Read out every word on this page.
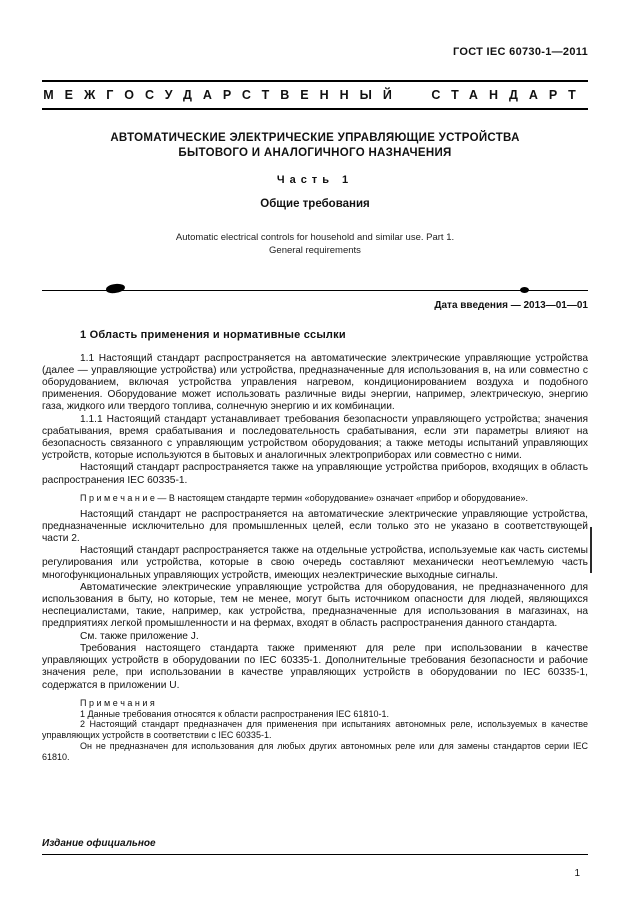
ГОСТ IEC 60730-1—2011
МЕЖГОСУДАРСТВЕННЫЙ СТАНДАРТ
АВТОМАТИЧЕСКИЕ ЭЛЕКТРИЧЕСКИЕ УПРАВЛЯЮЩИЕ УСТРОЙСТВА
БЫТОВОГО И АНАЛОГИЧНОГО НАЗНАЧЕНИЯ
Часть 1
Общие требования
Automatic electrical controls for household and similar use. Part 1.
General requirements
Дата введения — 2013—01—01
1 Область применения и нормативные ссылки

1.1 Настоящий стандарт распространяется на автоматические электрические управляющие устройства (далее — управляющие устройства) или устройства, предназначенные для использования в, на или совместно с оборудованием, включая устройства управления нагревом, кондиционированием воздуха и подобного применения. Оборудование может использовать различные виды энергии, например, электрическую, энергию газа, жидкого или твердого топлива, солнечную энергию и их комбинации.

1.1.1 Настоящий стандарт устанавливает требования безопасности управляющего устройства; значения срабатывания, время срабатывания и последовательность срабатывания, если эти параметры влияют на безопасность связанного с управляющим устройством оборудования; а также методы испытаний управляющих устройств, которые используются в бытовых и аналогичных электроприборах или совместно с ними.

Настоящий стандарт распространяется также на управляющие устройства приборов, входящих в область распространения IEC 60335-1.

П р и м е ч а н и е — В настоящем стандарте термин «оборудование» означает «прибор и оборудование».

Настоящий стандарт не распространяется на автоматические электрические управляющие устройства, предназначенные исключительно для промышленных целей, если только это не указано в соответствующей части 2.

Настоящий стандарт распространяется также на отдельные устройства, используемые как часть системы регулирования или устройства, которые в свою очередь составляют механически неотъемлемую часть многофункциональных управляющих устройств, имеющих неэлектрические выходные сигналы.

Автоматические электрические управляющие устройства для оборудования, не предназначенного для использования в быту, но которые, тем не менее, могут быть источником опасности для людей, являющихся неспециалистами, такие, например, как устройства, предназначенные для использования в магазинах, на предприятиях легкой промышленности и на фермах, входят в область распространения данного стандарта.

См. также приложение J.

Требования настоящего стандарта также применяют для реле при использовании в качестве управляющих устройств в оборудовании по IEC 60335-1. Дополнительные требования безопасности и рабочие значения реле, при использовании в качестве управляющих устройств в оборудовании по IEC 60335-1, содержатся в приложении U.

П р и м е ч а н и я

1 Данные требования относятся к области распространения IEC 61810-1.

2 Настоящий стандарт предназначен для применения при испытаниях автономных реле, используемых в качестве управляющих устройств в соответствии с IEC 60335-1.

Он не предназначен для использования для любых других автономных реле или для замены стандартов серии IEC 61810.

Издание официальное
1
